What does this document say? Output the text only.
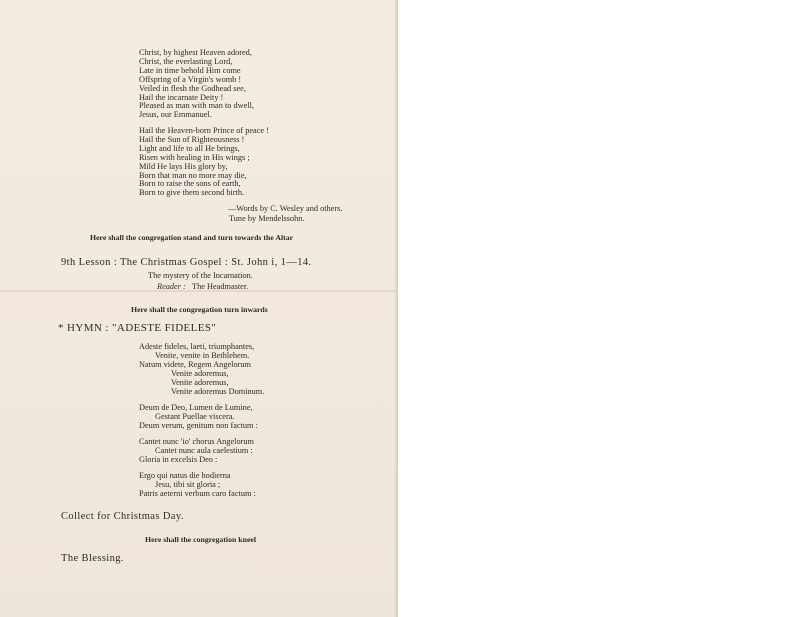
Christ, by highest Heaven adored,
Christ, the everlasting Lord,
Late in time behold Him come
Offspring of a Virgin's womb !
Veiled in flesh the Godhead see,
Hail the incarnate Deity !
Pleased as man with man to dwell,
Jesus, our Emmanuel.
Hail the Heaven-born Prince of peace !
Hail the Sun of Righteousness !
Light and life to all He brings,
Risen with healing in His wings ;
Mild He lays His glory by,
Born that man no more may die,
Born to raise the sons of earth,
Born to give them second birth.
—Words by C. Wesley and others.
Tune by Mendelssohn.
Here shall the congregation stand and turn towards the Altar
9th Lesson : The Christmas Gospel : St. John i, 1—14.
The mystery of the Incarnation.
Reader : The Headmaster.
Here shall the congregation turn inwards
* HYMN : "ADESTE FIDELES"
Adeste fideles, laeti, triumphantes,
Venite, venite in Bethlehem.
Natum videte, Regem Angelorum
Venite adoremus,
Venite adoremus,
Venite adoremus Dominum.
Deum de Deo, Lumen de Lumine,
Gestant Puellae viscera.
Deum verum, genitum non factum :
Cantet nunc 'io' chorus Angelorum
Cantet nunc aula caelestium :
Gloria in excelsis Deo :
Ergo qui natus die hodierna
Jesu, tibi sit gloria ;
Patris aeterni verbum caro factum :
Collect for Christmas Day.
Here shall the congregation kneel
The Blessing.
